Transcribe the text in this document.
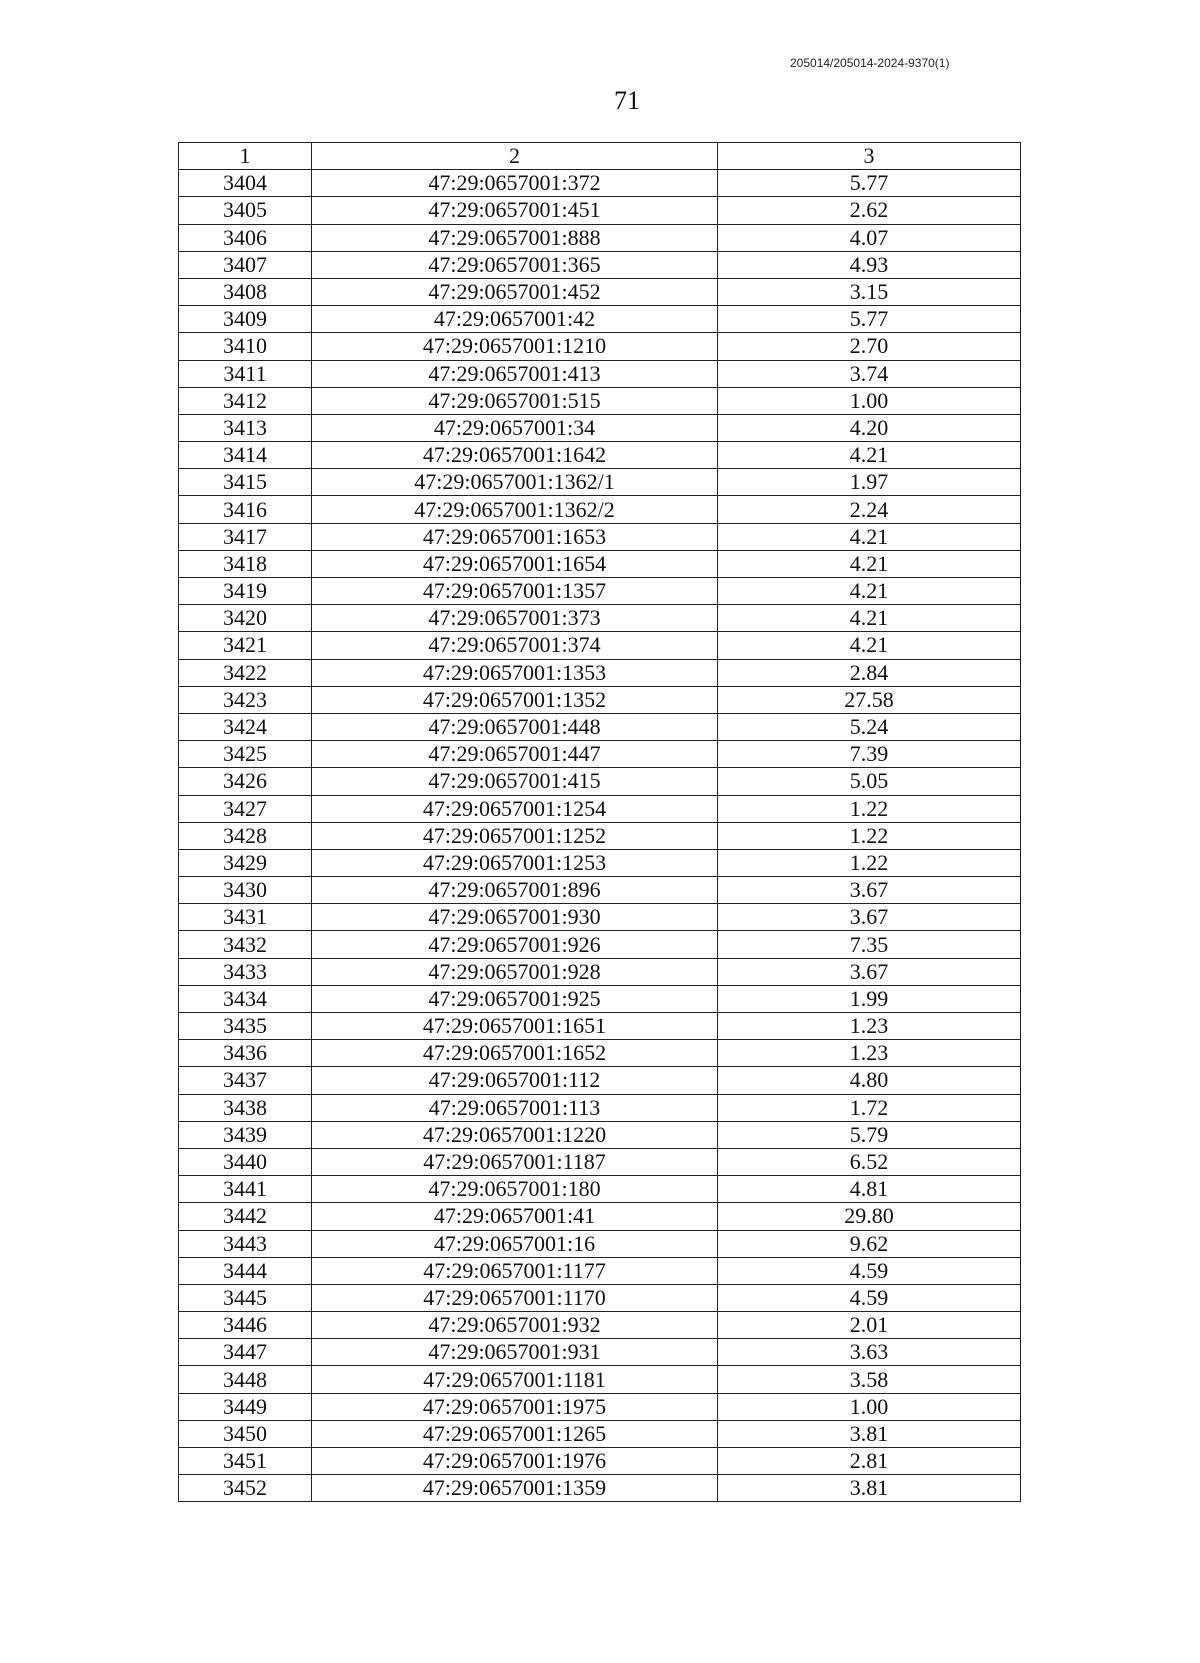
205014/205014-2024-9370(1)
71
1	2	3
3404	47:29:0657001:372	5.77
3405	47:29:0657001:451	2.62
3406	47:29:0657001:888	4.07
3407	47:29:0657001:365	4.93
3408	47:29:0657001:452	3.15
3409	47:29:0657001:42	5.77
3410	47:29:0657001:1210	2.70
3411	47:29:0657001:413	3.74
3412	47:29:0657001:515	1.00
3413	47:29:0657001:34	4.20
3414	47:29:0657001:1642	4.21
3415	47:29:0657001:1362/1	1.97
3416	47:29:0657001:1362/2	2.24
3417	47:29:0657001:1653	4.21
3418	47:29:0657001:1654	4.21
3419	47:29:0657001:1357	4.21
3420	47:29:0657001:373	4.21
3421	47:29:0657001:374	4.21
3422	47:29:0657001:1353	2.84
3423	47:29:0657001:1352	27.58
3424	47:29:0657001:448	5.24
3425	47:29:0657001:447	7.39
3426	47:29:0657001:415	5.05
3427	47:29:0657001:1254	1.22
3428	47:29:0657001:1252	1.22
3429	47:29:0657001:1253	1.22
3430	47:29:0657001:896	3.67
3431	47:29:0657001:930	3.67
3432	47:29:0657001:926	7.35
3433	47:29:0657001:928	3.67
3434	47:29:0657001:925	1.99
3435	47:29:0657001:1651	1.23
3436	47:29:0657001:1652	1.23
3437	47:29:0657001:112	4.80
3438	47:29:0657001:113	1.72
3439	47:29:0657001:1220	5.79
3440	47:29:0657001:1187	6.52
3441	47:29:0657001:180	4.81
3442	47:29:0657001:41	29.80
3443	47:29:0657001:16	9.62
3444	47:29:0657001:1177	4.59
3445	47:29:0657001:1170	4.59
3446	47:29:0657001:932	2.01
3447	47:29:0657001:931	3.63
3448	47:29:0657001:1181	3.58
3449	47:29:0657001:1975	1.00
3450	47:29:0657001:1265	3.81
3451	47:29:0657001:1976	2.81
3452	47:29:0657001:1359	3.81
